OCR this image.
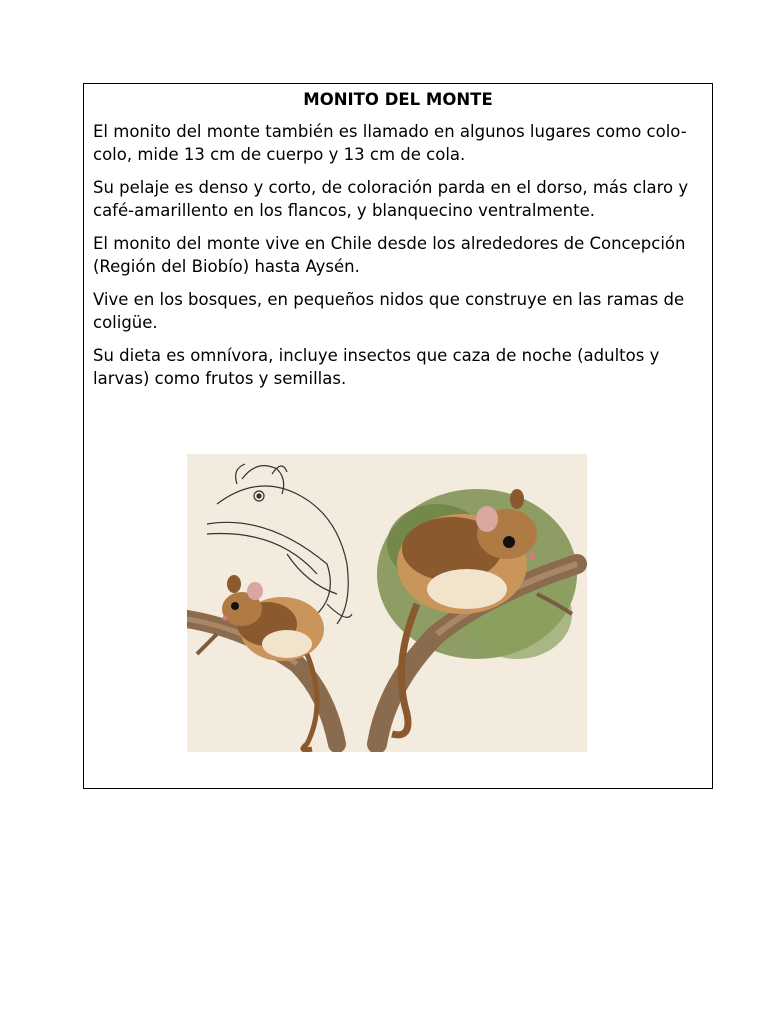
MONITO DEL MONTE

El monito del monte también es llamado en algunos lugares como colo-colo, mide 13 cm de cuerpo y 13 cm de cola.

Su pelaje es denso y corto, de coloración parda en el dorso, más claro y café-amarillento en los flancos, y blanquecino ventralmente.

El monito del monte vive en Chile desde los alrededores de Concepción (Región del Biobío) hasta Aysén.

Vive en los bosques, en pequeños nidos que construye en las ramas de coligüe.

Su dieta es omnívora, incluye insectos que caza de noche (adultos y larvas) como frutos y semillas.
